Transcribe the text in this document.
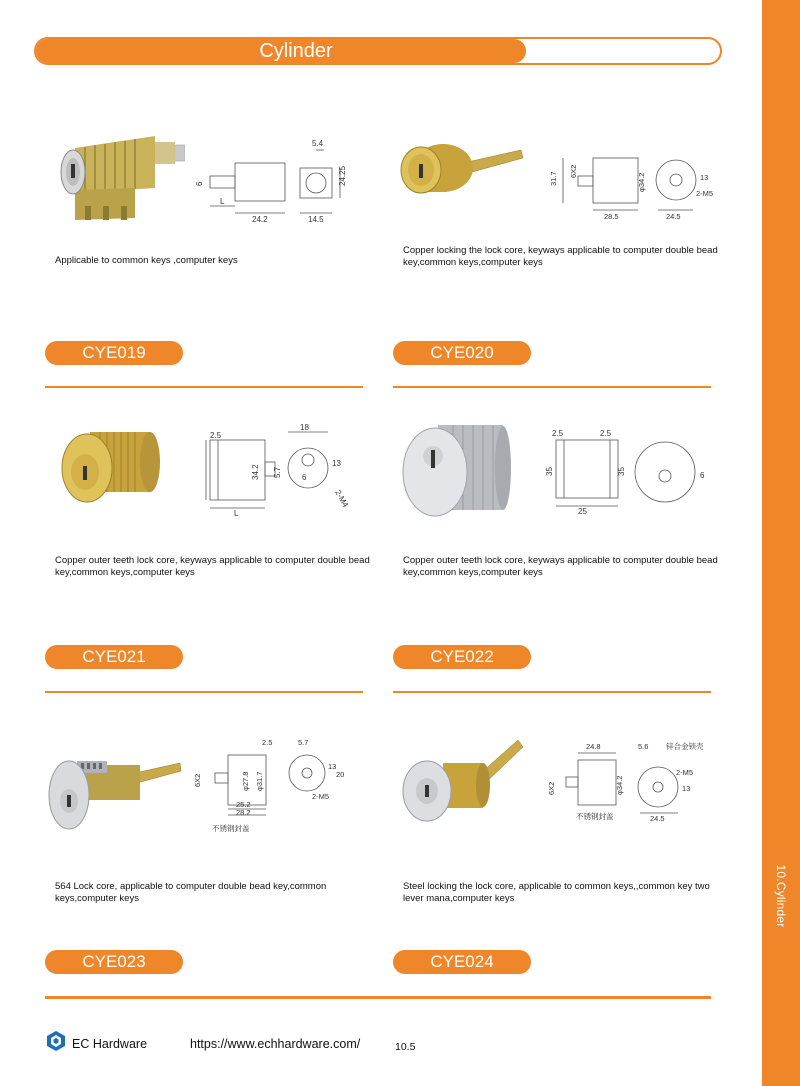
10.Cylinder
Cylinder
5.4
24.25
6
L
24.2	14.5
Applicable to common keys ,computer keys
CYE019
31.7
6X2
28.5
φ34.2
24.5
13
2-M5
Copper locking the lock core, keyways applicable to computer double bead key,common keys,computer keys
CYE020
2.5
18
34.2 5.7
L
13
2-M4
6
Copper outer teeth lock core, keyways applicable to computer double bead key,common keys,computer keys
CYE021
2.5	2.5
25
35	35	6
Copper outer teeth lock core, keyways applicable to computer double bead key,common keys,computer keys
CYE022
2.5	5.7
6X2	φ27.8 φ31.7
25.2
28.2
不锈钢封盖
13
20
2-M5
564 Lock core, applicable to computer double bead key,common keys,computer keys
CYE023
24.8	5.6 锌合金锁壳
6X2	φ34.2
2-M5
13
不锈钢封盖	24.5
Steel locking the lock core, applicable to common keys,,common key two lever mana,computer keys
CYE024
EC Hardware	https://www.echhardware.com/	10.5
